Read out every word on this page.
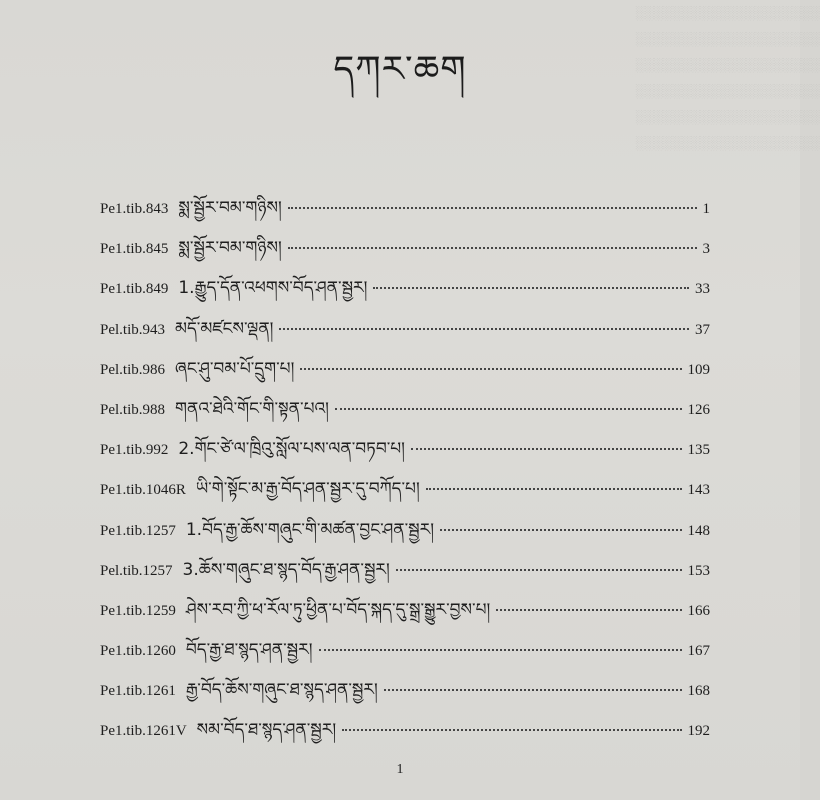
░░░░░░░░░░░░░░░░░░░░
░░░░░░░░░░░░░░░░░░░░
░░░░░░░░░░░░░░░░░░░░
░░░░░░░░░░░░░░░░░░░░
░░░░░░░░░░░░░░░░░░░░
░░░░░░░░░░░░░░░░░░░░
དཀར་ཆག
Pe1.tib.843 སྨ་སྦྱོར་བམ་གཉིས།	1
Pe1.tib.845 སྨ་སྦྱོར་བམ་གཉིས།	3
Pe1.tib.849 1.རྒྱུད་དོན་འཕགས་བོད་ཤན་སྦྱར།	33
Pel.tib.943 མདོ་མཛངས་ལྡན།	37
Pel.tib.986 ཞང་ཤུ་བམ་པོ་དྲུག་པ།	109
Pel.tib.988 གནའ་ཐེའི་གོང་གི་སྟན་པའ།	126
Pe1.tib.992 2.གོང་ཙེ་ལ་ཁྲིའུ་སློལ་པས་ལན་བཏབ་པ།	135
Pe1.tib.1046R ཡི་གེ་སྟོང་མ་རྒྱ་བོད་ཤན་སྦྱར་དུ་བཀོད་པ།	143
Pe1.tib.1257 1.བོད་རྒྱ་ཆོས་གཞུང་གི་མཚན་བྱང་ཤན་སྦྱར།	148
Pel.tib.1257 3.ཆོས་གཞུང་ཐ་སྙད་བོད་རྒྱ་ཤན་སྦྱར།	153
Pe1.tib.1259 ཤེས་རབ་ཀྱི་ཕ་རོལ་ཏུ་ཕྱིན་པ་བོད་སྐད་དུ་སྒྲ་སྒྱུར་བྱས་པ།	166
Pe1.tib.1260 བོད་རྒྱ་ཐ་སྙད་ཤན་སྦྱར།	167
Pe1.tib.1261 རྒྱ་བོད་ཆོས་གཞུང་ཐ་སྙད་ཤན་སྦྱར།	168
Pe1.tib.1261V སམ་བོད་ཐ་སྙད་ཤན་སྦྱར།	192
1
